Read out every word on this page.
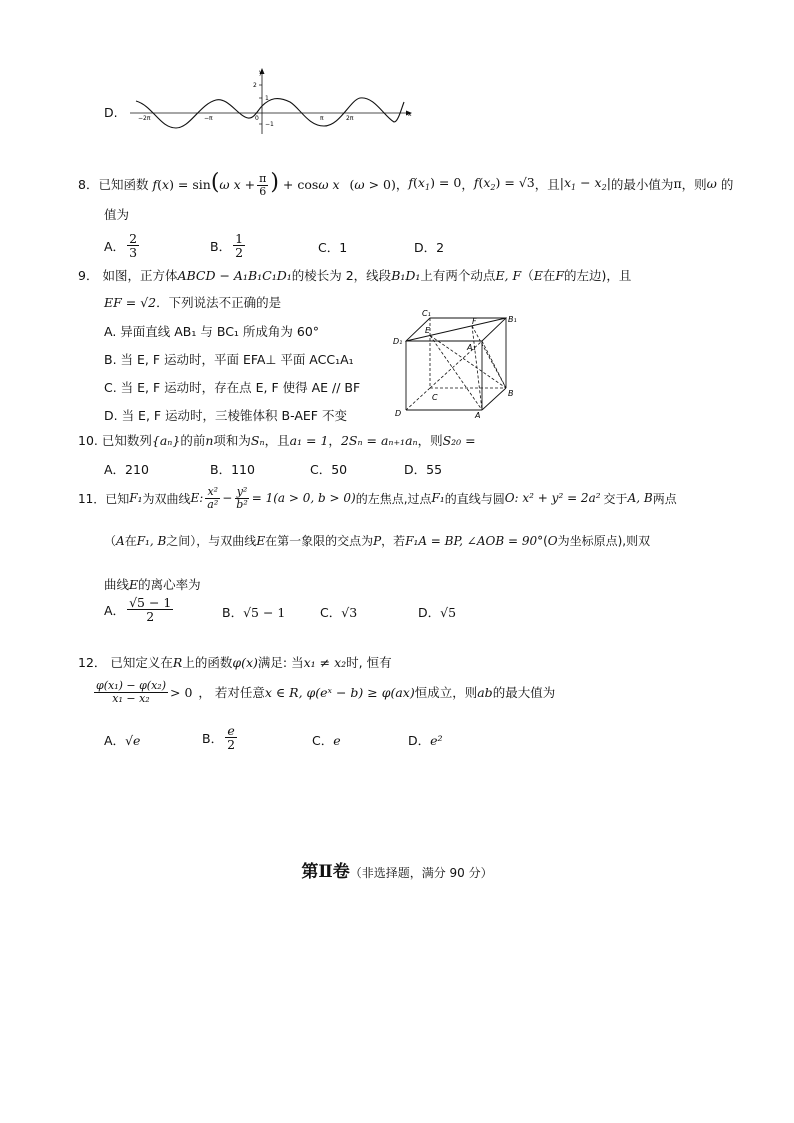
D.
y
x
2
1
−1
−2π	−π	0	π	2π
8． 已知函数 f(x) = sin(ω $x + \frac{\pi}{6}$ ) + cosω x (ω > 0) ， $f(x_1) = 0$ ， $f(x_2) = √3$ ，且 $|x_1 - x_2|$ 的最小值为 π ，则 ω 的
值为
A． $\frac{2}{3}$	B． $\frac{1}{2}$	C．1	D．2
9． 如图，正方体ABCD − A₁B₁C₁D₁的棱长为 2，线段B₁D₁上有两个动点E, F（E在F的左边)，且
EF = √2．下列说法不正确的是
A. 异面直线 AB₁ 与 BC₁ 所成角为 60°
B. 当 E, F 运动时，平面 EFA⊥ 平面 ACC₁A₁
C. 当 E, F 运动时，存在点 E, F 使得 AE // BF
D. 当 E, F 运动时，三棱锥体积 B-AEF 不变
C₁
B₁
D₁
E
F
A₁
C	B
D	A
10. 已知数列{aₙ}的前n项和为Sₙ，且a₁ = 1，2Sₙ = aₙ₊₁aₙ，则S₂₀ =
A．210	B．110	C．50	D．55
11． 已知 F₁ 为双曲线 E: $\frac{\text{x²}}{\text{a²}} - \frac{\text{y²}}{\text{b²}} = 1(a > 0$, b > 0) 的左焦点,过点 F₁ 的直线与圆 O: x² + y² = 2a² 交于 A, B 两点
（A在F₁, B之间），与双曲线E在第一象限的交点为P，若F₁A = BP, ∠AOB = 90°(O为坐标原点),则双
曲线E的离心率为
A． $\frac{√5 - 1}{2}$	B．√5 − 1	C．√3	D．√5
12． 已知定义在R上的函数φ(x)满足: 当x₁ ≠ x₂时, 恒有
$\frac{\text{φ(x₁) − φ(x₂)}}{\text{x₁ − x₂}} > 0$ ， 若对任意 x ∈ R, φ(eˣ − b) ≥ φ(ax) 恒成立，则 ab 的最大值为
A．√e	B． $\frac{e}{2}$	C．e	D．e²
第Ⅱ卷（非选择题，满分 90 分）
